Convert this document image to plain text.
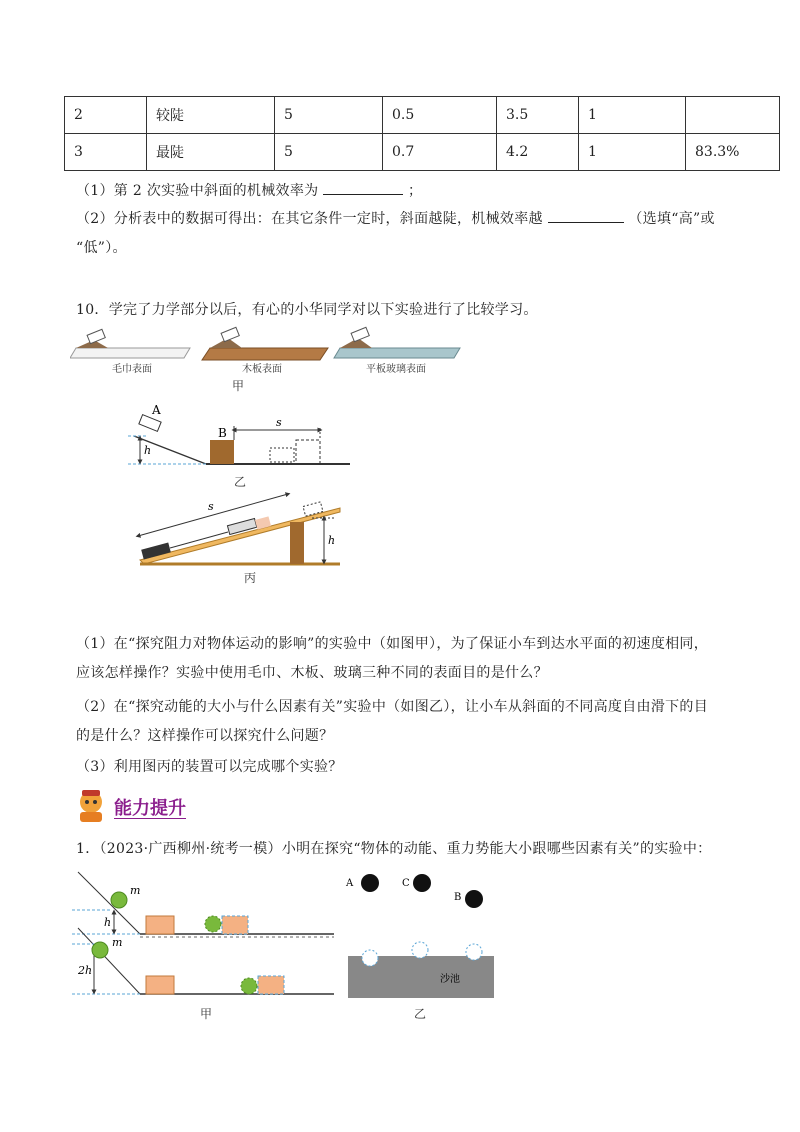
2	较陡	5	0.5	3.5	1	
3	最陡	5	0.7	4.2	1	83.3%
（1）第 2 次实验中斜面的机械效率为	；
（2）分析表中的数据可得出：在其它条件一定时，斜面越陡，机械效率越	（选填“高”或
“低”）。
10．学完了力学部分以后，有心的小华同学对以下实验进行了比较学习。
毛巾表面	木板表面	平板玻璃表面
甲
h
A
B
s
乙
s
h
丙
（1）在“探究阻力对物体运动的影响”的实验中（如图甲），为了保证小车到达水平面的初速度相同，
应该怎样操作？实验中使用毛巾、木板、玻璃三种不同的表面目的是什么？
（2）在“探究动能的大小与什么因素有关”实验中（如图乙），让小车从斜面的不同高度自由滑下的目
的是什么？这样操作可以探究什么问题？
（3）利用图丙的装置可以完成哪个实验？
能力提升
1．（2023·广西柳州·统考一模）小明在探究“物体的动能、重力势能大小跟哪些因素有关”的实验中：
h
m
2h
m
甲
A	C
B
沙池
乙
